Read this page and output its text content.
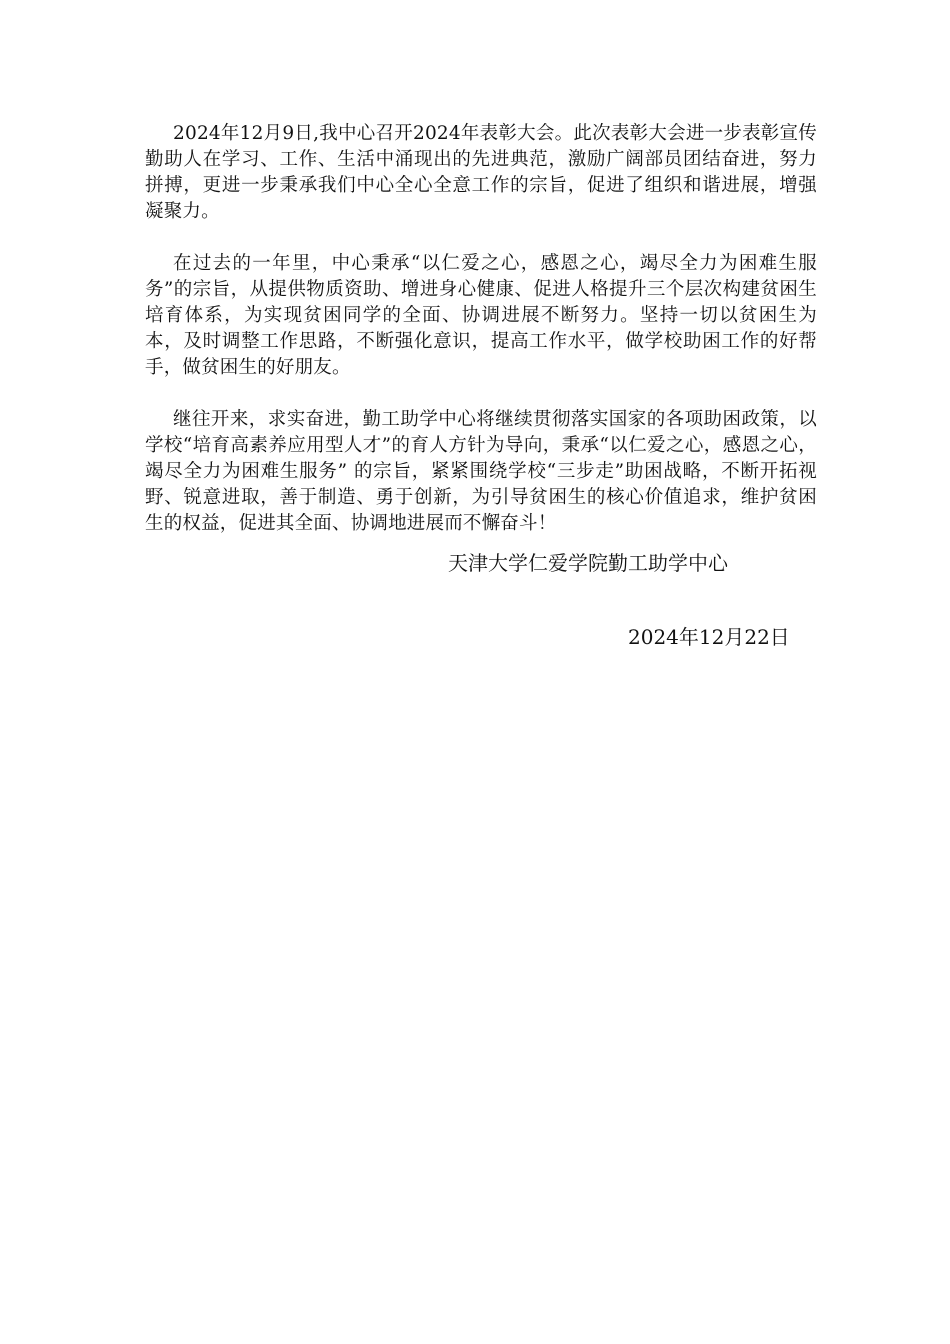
2024年12月9日,我中心召开2024年表彰大会。此次表彰大会进一步表彰宣传勤助人在学习、工作、生活中涌现出的先进典范，激励广阔部员团结奋进，努力拼搏，更进一步秉承我们中心全心全意工作的宗旨，促进了组织和谐进展，增强凝聚力。

在过去的一年里，中心秉承“以仁爱之心，感恩之心，竭尽全力为困难生服务”的宗旨，从提供物质资助、增进身心健康、促进人格提升三个层次构建贫困生培育体系，为实现贫困同学的全面、协调进展不断努力。坚持一切以贫困生为本，及时调整工作思路，不断强化意识，提高工作水平，做学校助困工作的好帮手，做贫困生的好朋友。

继往开来，求实奋进，勤工助学中心将继续贯彻落实国家的各项助困政策，以学校“培育高素养应用型人才”的育人方针为导向，秉承“以仁爱之心，感恩之心，竭尽全力为困难生服务” 的宗旨，紧紧围绕学校“三步走”助困战略，不断开拓视野、锐意进取，善于制造、勇于创新，为引导贫困生的核心价值追求，维护贫困生的权益，促进其全面、协调地进展而不懈奋斗！

天津大学仁爱学院勤工助学中心
2024年12月22日
